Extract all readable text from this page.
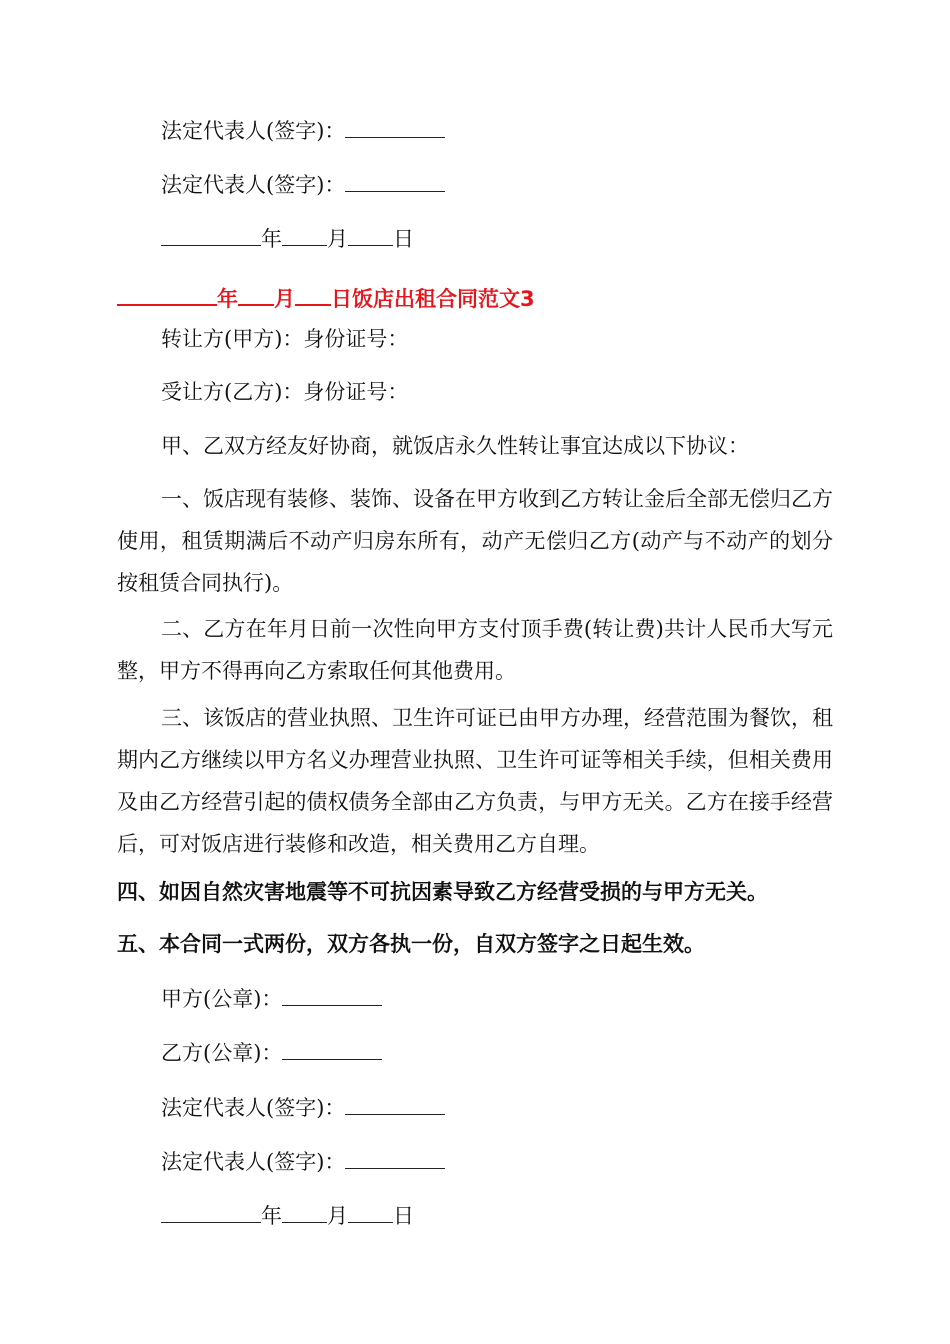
法定代表人(签字)：
法定代表人(签字)：
年 月 日
年 月 日饭店出租合同范文3
转让方(甲方)：身份证号：
受让方(乙方)：身份证号：
甲、乙双方经友好协商，就饭店永久性转让事宜达成以下协议：

一、饭店现有装修、装饰、设备在甲方收到乙方转让金后全部无偿归乙方使用，租赁期满后不动产归房东所有，动产无偿归乙方(动产与不动产的划分按租赁合同执行)。

二、乙方在年月日前一次性向甲方支付顶手费(转让费)共计人民币大写元整，甲方不得再向乙方索取任何其他费用。

三、该饭店的营业执照、卫生许可证已由甲方办理，经营范围为餐饮，租期内乙方继续以甲方名义办理营业执照、卫生许可证等相关手续，但相关费用及由乙方经营引起的债权债务全部由乙方负责，与甲方无关。乙方在接手经营后，可对饭店进行装修和改造，相关费用乙方自理。

四、如因自然灾害地震等不可抗因素导致乙方经营受损的与甲方无关。
五、本合同一式两份，双方各执一份，自双方签字之日起生效。
甲方(公章)：
乙方(公章)：
法定代表人(签字)：
法定代表人(签字)：
年 月 日
